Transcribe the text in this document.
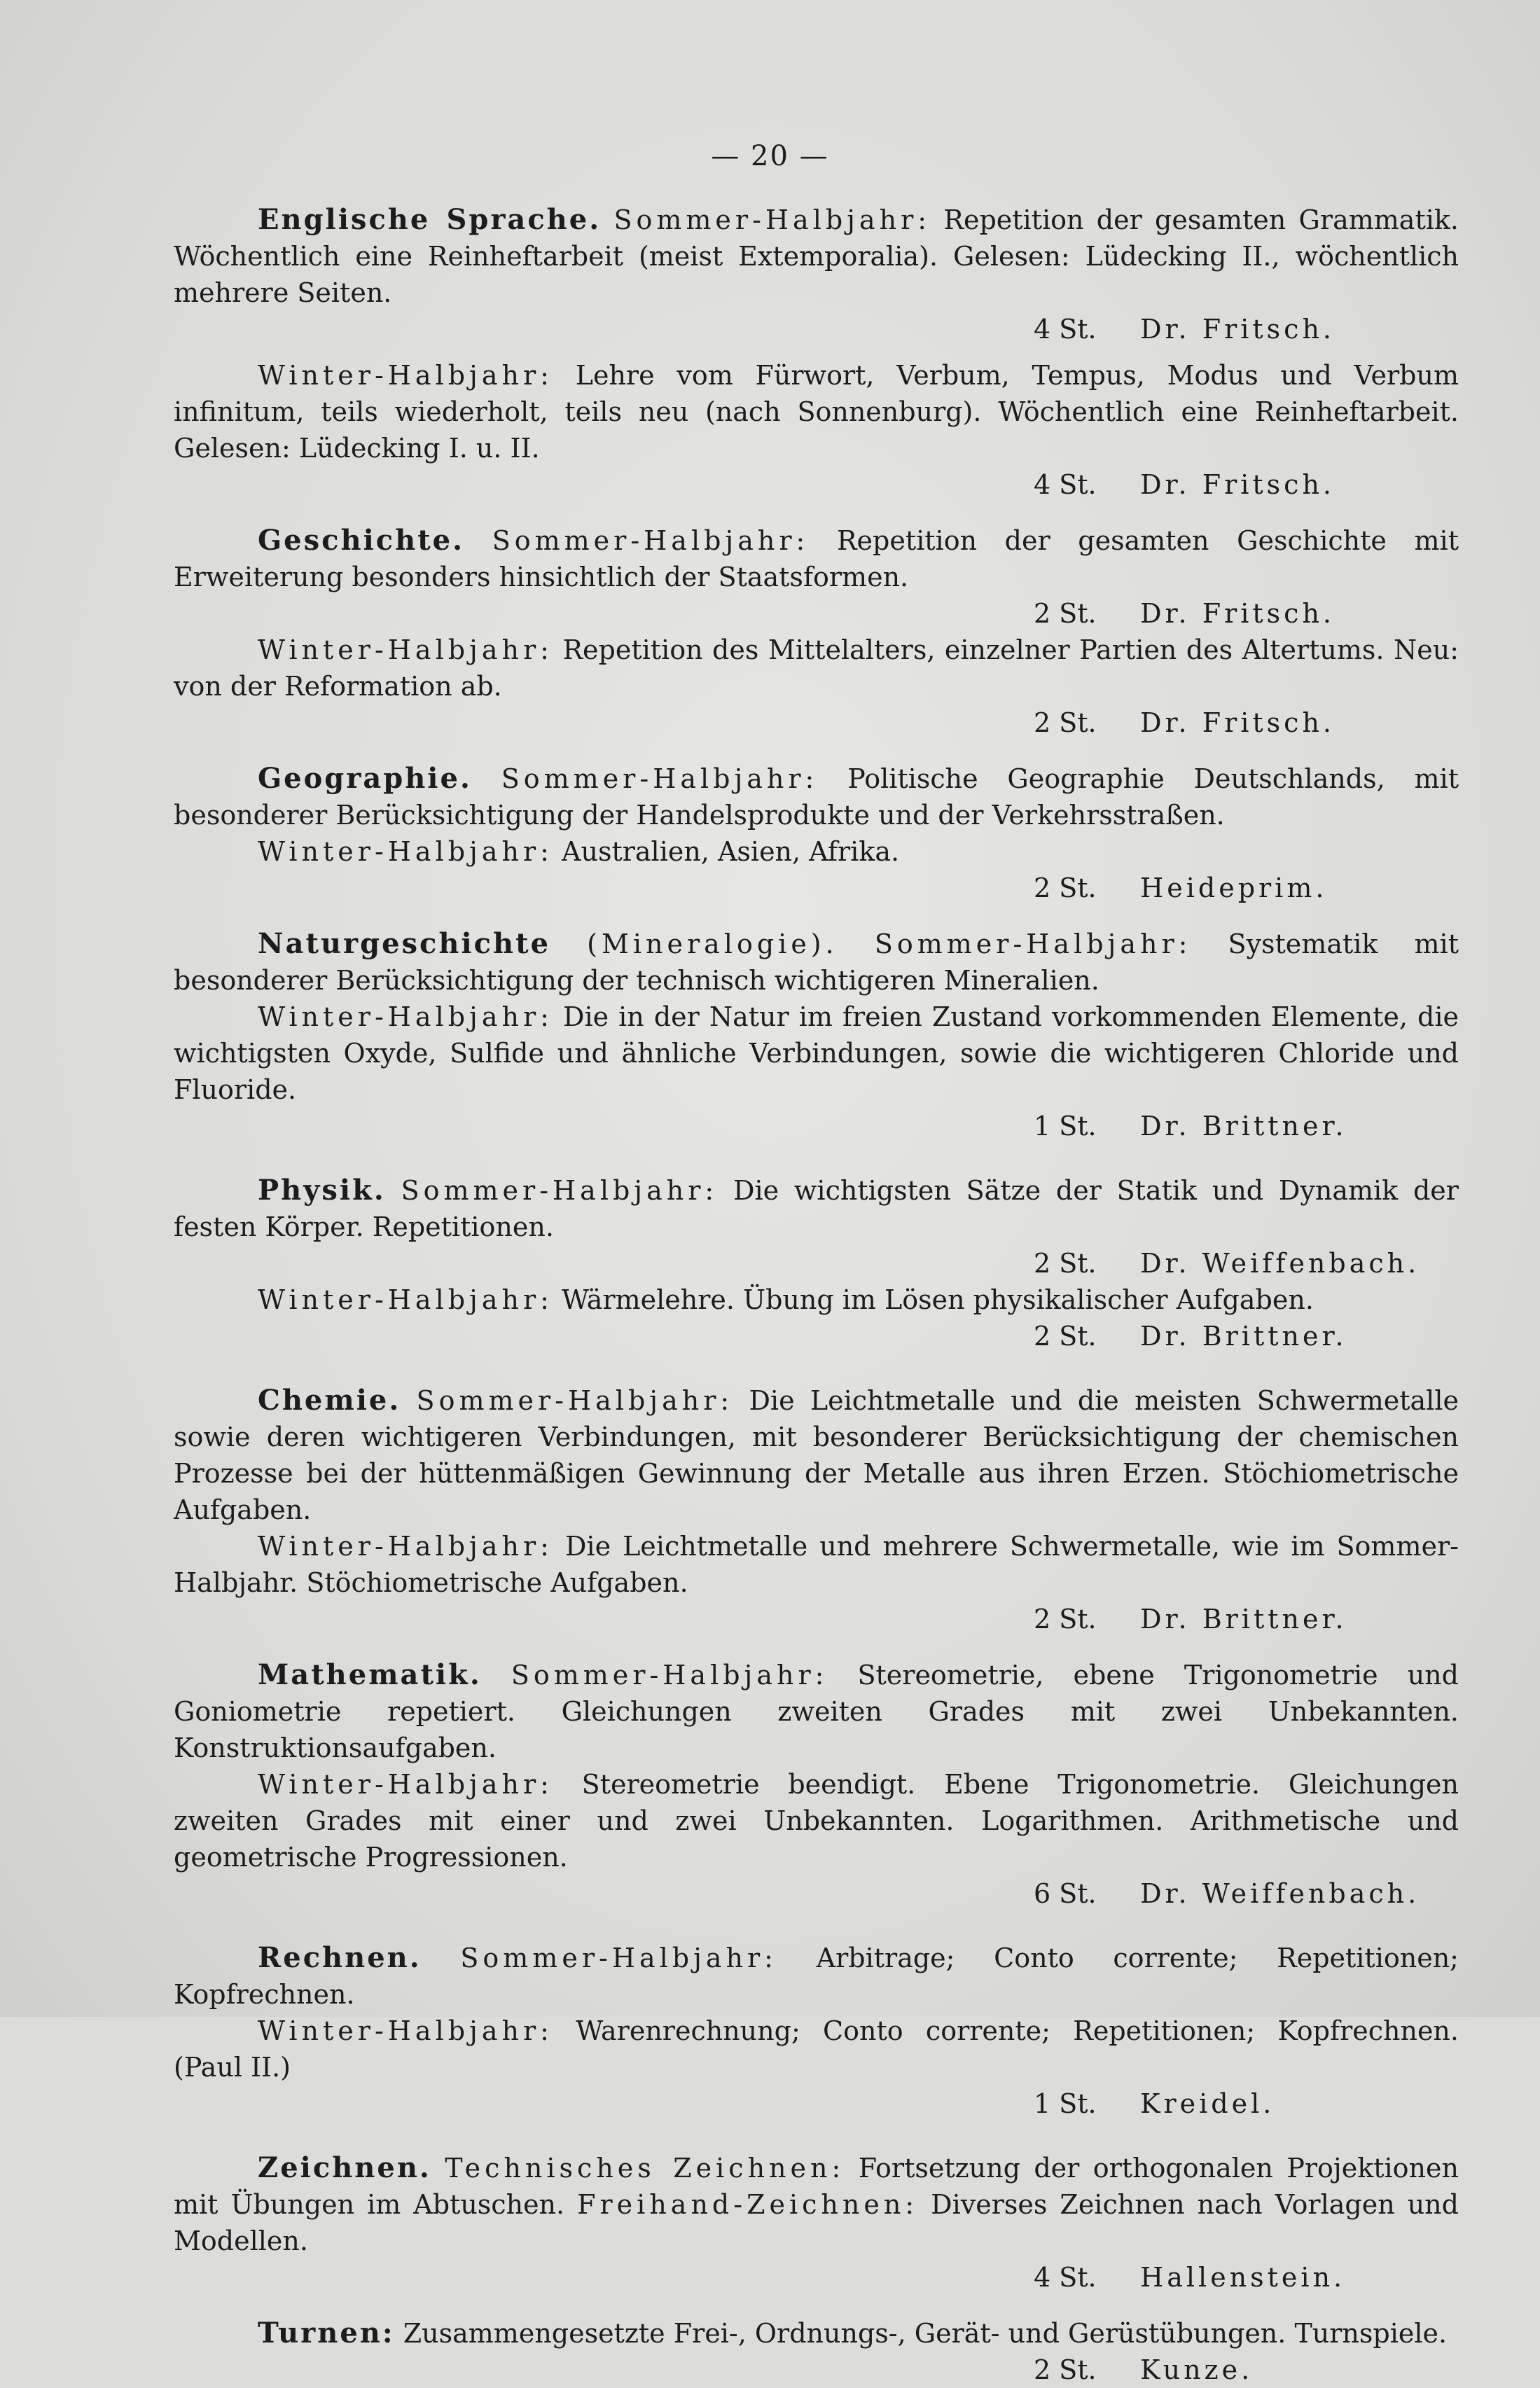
— 20 —

Englische Sprache. Sommer-Halbjahr: Repetition der gesamten Grammatik. Wöchentlich eine Reinheftarbeit (meist Extemporalia). Gelesen: Lüdecking II., wöchentlich mehrere Seiten.

4 St. Dr. Fritsch.

Winter-Halbjahr: Lehre vom Fürwort, Verbum, Tempus, Modus und Verbum infinitum, teils wiederholt, teils neu (nach Sonnenburg). Wöchentlich eine Reinheftarbeit. Gelesen: Lüdecking I. u. II.

4 St. Dr. Fritsch.

Geschichte. Sommer-Halbjahr: Repetition der gesamten Geschichte mit Erweiterung besonders hinsichtlich der Staatsformen.

2 St. Dr. Fritsch.

Winter-Halbjahr: Repetition des Mittelalters, einzelner Partien des Altertums. Neu: von der Reformation ab.

2 St. Dr. Fritsch.

Geographie. Sommer-Halbjahr: Politische Geographie Deutschlands, mit besonderer Berücksichtigung der Handelsprodukte und der Verkehrsstraßen.

Winter-Halbjahr: Australien, Asien, Afrika.

2 St. Heideprim.

Naturgeschichte (Mineralogie). Sommer-Halbjahr: Systematik mit besonderer Berücksichtigung der technisch wichtigeren Mineralien.

Winter-Halbjahr: Die in der Natur im freien Zustand vorkommenden Elemente, die wichtigsten Oxyde, Sulfide und ähnliche Verbindungen, sowie die wichtigeren Chloride und Fluoride.

1 St. Dr. Brittner.

Physik. Sommer-Halbjahr: Die wichtigsten Sätze der Statik und Dynamik der festen Körper. Repetitionen.

2 St. Dr. Weiffenbach.

Winter-Halbjahr: Wärmelehre. Übung im Lösen physikalischer Aufgaben.

2 St. Dr. Brittner.

Chemie. Sommer-Halbjahr: Die Leichtmetalle und die meisten Schwermetalle sowie deren wichtigeren Verbindungen, mit besonderer Berücksichtigung der chemischen Prozesse bei der hüttenmäßigen Gewinnung der Metalle aus ihren Erzen. Stöchiometrische Aufgaben.

Winter-Halbjahr: Die Leichtmetalle und mehrere Schwermetalle, wie im Sommer-Halbjahr. Stöchiometrische Aufgaben.

2 St. Dr. Brittner.

Mathematik. Sommer-Halbjahr: Stereometrie, ebene Trigonometrie und Goniometrie repetiert. Gleichungen zweiten Grades mit zwei Unbekannten. Konstruktionsaufgaben.

Winter-Halbjahr: Stereometrie beendigt. Ebene Trigonometrie. Gleichungen zweiten Grades mit einer und zwei Unbekannten. Logarithmen. Arithmetische und geometrische Progressionen.

6 St. Dr. Weiffenbach.

Rechnen. Sommer-Halbjahr: Arbitrage; Conto corrente; Repetitionen; Kopfrechnen.

Winter-Halbjahr: Warenrechnung; Conto corrente; Repetitionen; Kopfrechnen. (Paul II.)

1 St. Kreidel.

Zeichnen. Technisches Zeichnen: Fortsetzung der orthogonalen Projektionen mit Übungen im Abtuschen. Freihand-Zeichnen: Diverses Zeichnen nach Vorlagen und Modellen.

4 St. Hallenstein.

Turnen: Zusammengesetzte Frei-, Ordnungs-, Gerät- und Gerüstübungen. Turnspiele.

2 St. Kunze.
